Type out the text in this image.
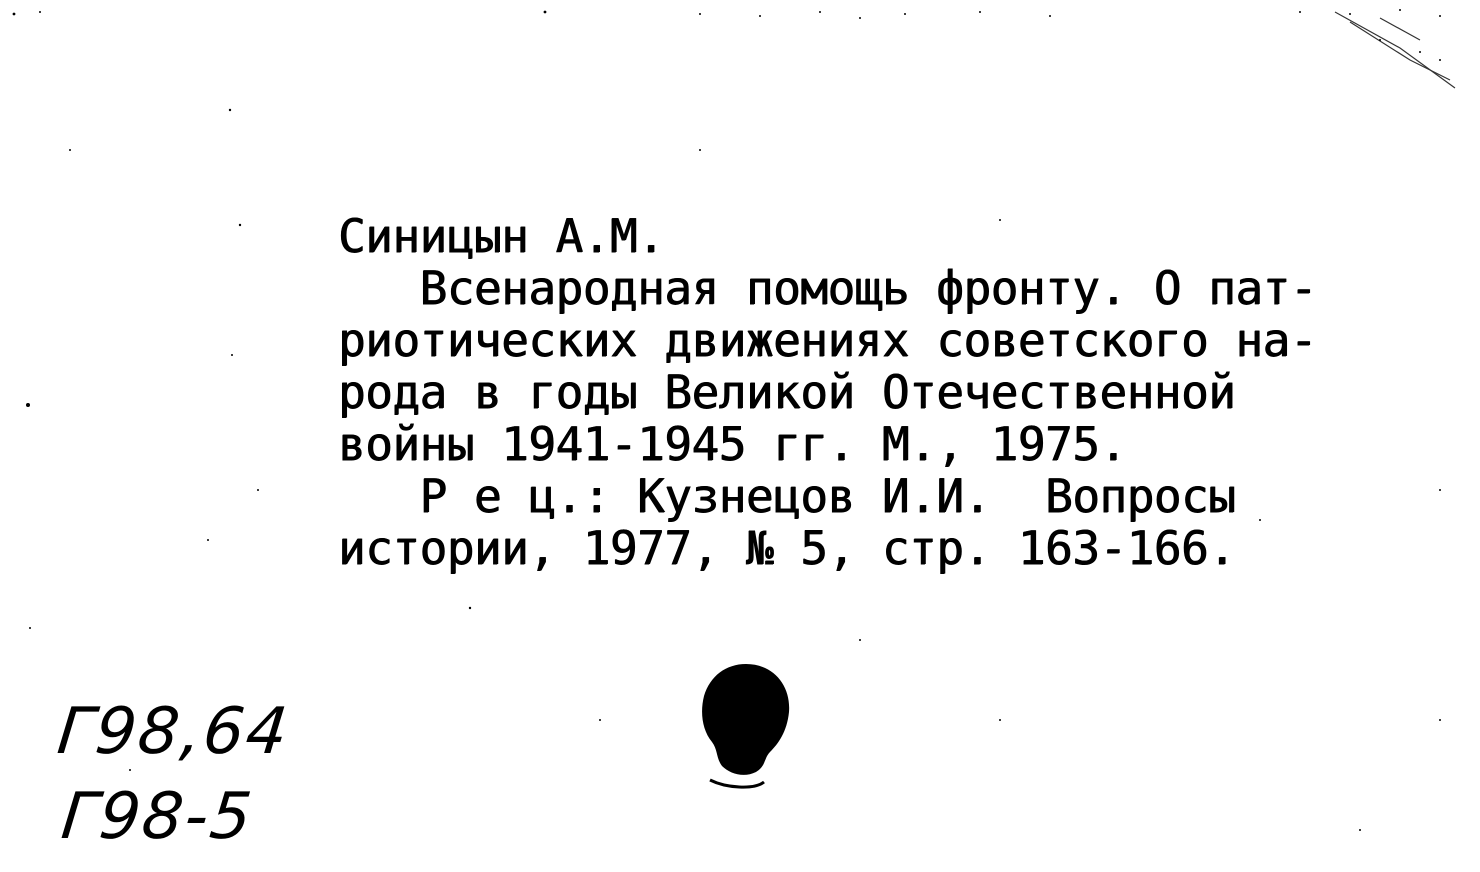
Синицын А.М.
Всенародная помощь фронту. О пат-
риотических движениях советского на-
рода в годы Великой Отечественной
войны 1941-1945 гг. М., 1975.
Р е ц.: Кузнецов И.И.  Вопросы
истории, 1977, № 5, стр. 163-166.
Г98,64
Г98-5
